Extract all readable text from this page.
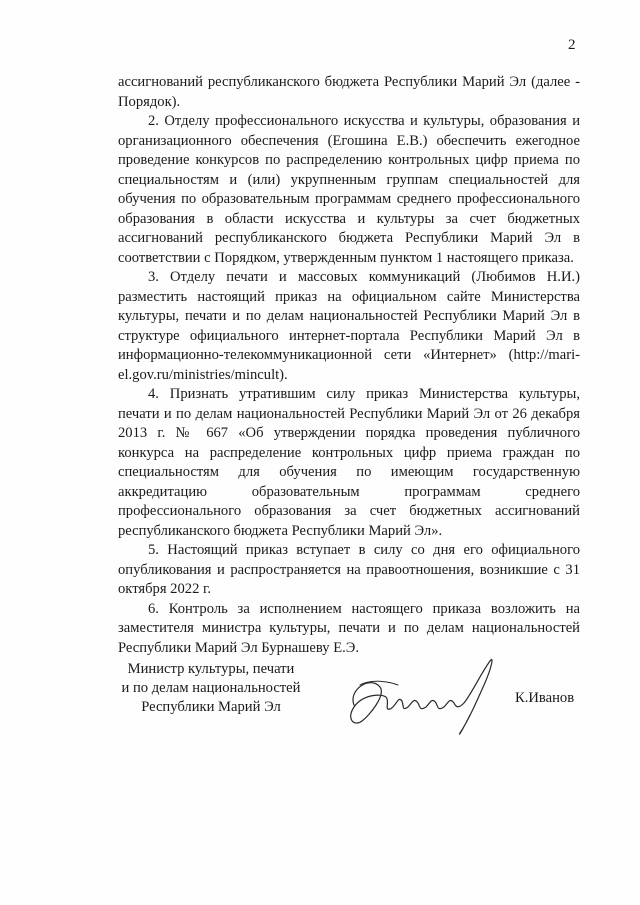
2

ассигнований республиканского бюджета Республики Марий Эл (далее - Порядок).

2. Отделу профессионального искусства и культуры, образования и организационного обеспечения (Егошина Е.В.) обеспечить ежегодное проведение конкурсов по распределению контрольных цифр приема по специальностям и (или) укрупненным группам специальностей для обучения по образовательным программам среднего профессионального образования в области искусства и культуры за счет бюджетных ассигнований республиканского бюджета Республики Марий Эл в соответствии с Порядком, утвержденным пунктом 1 настоящего приказа.

3. Отделу печати и массовых коммуникаций (Любимов Н.И.) разместить настоящий приказ на официальном сайте Министерства культуры, печати и по делам национальностей Республики Марий Эл в структуре официального интернет-портала Республики Марий Эл в информационно-телекоммуникационной сети «Интернет» (http://mari-el.gov.ru/ministries/mincult).

4. Признать утратившим силу приказ Министерства культуры, печати и по делам национальностей Республики Марий Эл от 26 декабря 2013 г. № 667 «Об утверждении порядка проведения публичного конкурса на распределение контрольных цифр приема граждан по специальностям для обучения по имеющим государственную аккредитацию образовательным программам среднего профессионального образования за счет бюджетных ассигнований республиканского бюджета Республики Марий Эл».

5. Настоящий приказ вступает в силу со дня его официального опубликования и распространяется на правоотношения, возникшие с 31 октября 2022 г.

6. Контроль за исполнением настоящего приказа возложить на заместителя министра культуры, печати и по делам национальностей Республики Марий Эл Бурнашеву Е.Э.

Министр культуры, печати
и по делам национальностей
Республики Марий Эл
К.Иванов
